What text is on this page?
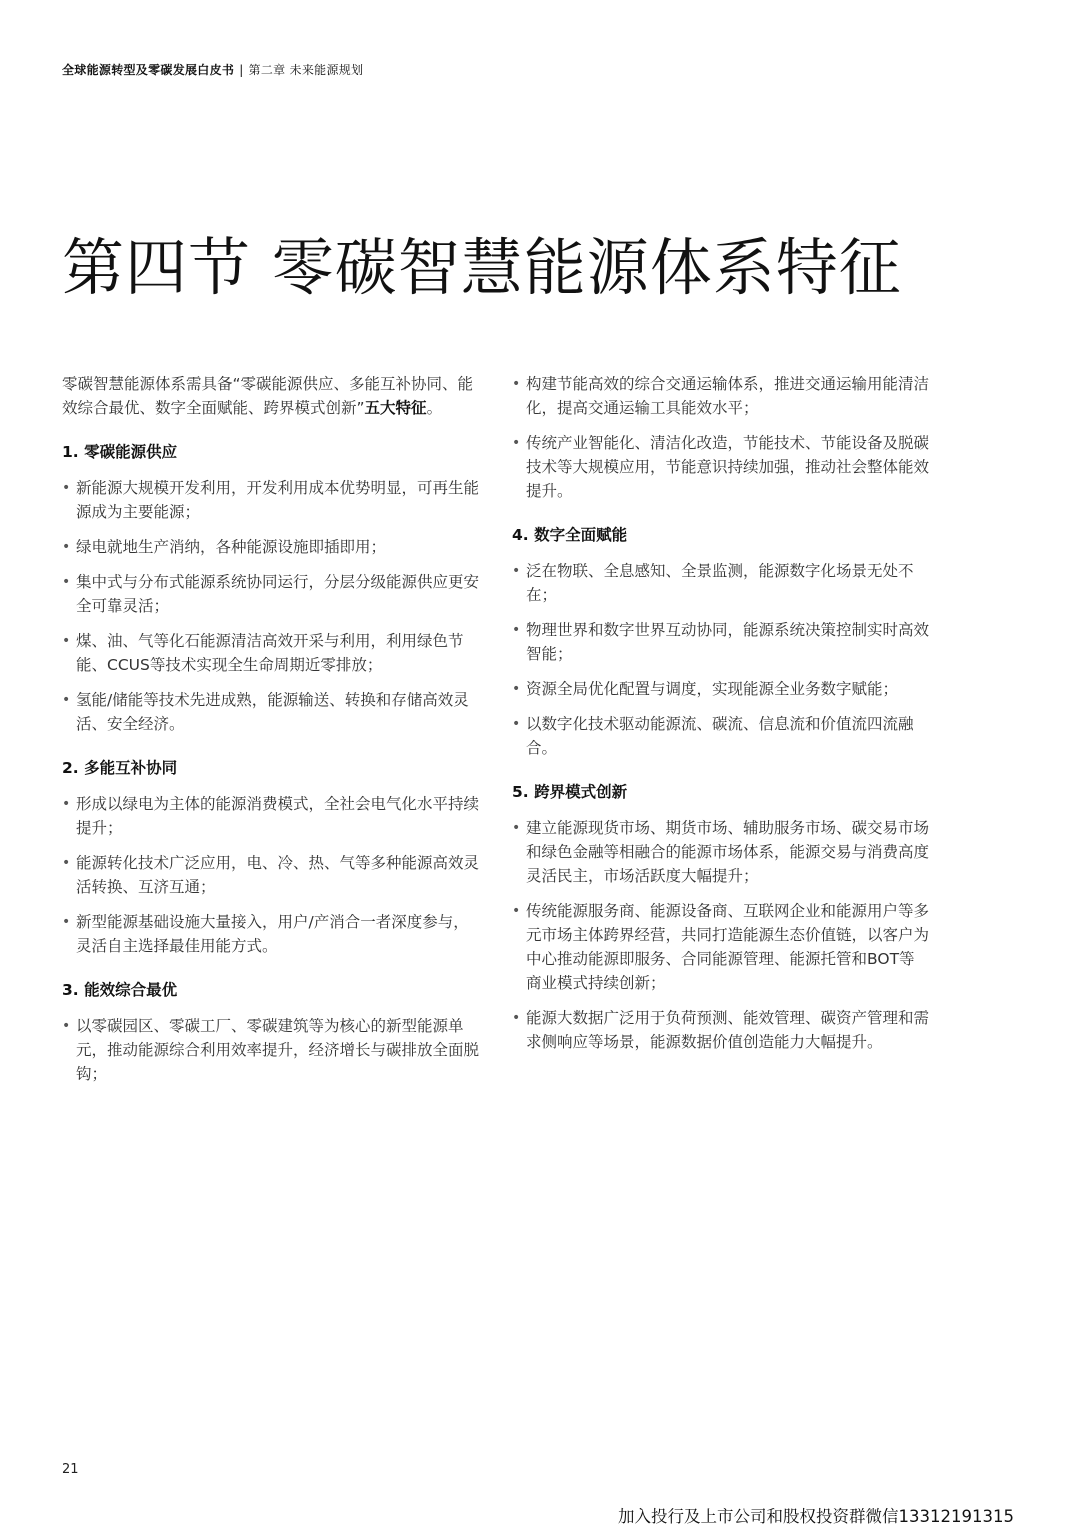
全球能源转型及零碳发展白皮书 | 第二章 未来能源规划
第四节 零碳智慧能源体系特征

零碳智慧能源体系需具备“零碳能源供应、多能互补协同、能效综合最优、数字全面赋能、跨界模式创新”五大特征。

1. 零碳能源供应
• 新能源大规模开发利用，开发利用成本优势明显，可再生能源成为主要能源；
• 绿电就地生产消纳，各种能源设施即插即用；
• 集中式与分布式能源系统协同运行，分层分级能源供应更安全可靠灵活；
• 煤、油、气等化石能源清洁高效开采与利用，利用绿色节能、CCUS等技术实现全生命周期近零排放；
• 氢能/储能等技术先进成熟，能源输送、转换和存储高效灵活、安全经济。
2. 多能互补协同
• 形成以绿电为主体的能源消费模式，全社会电气化水平持续提升；
• 能源转化技术广泛应用，电、冷、热、气等多种能源高效灵活转换、互济互通；
• 新型能源基础设施大量接入，用户/产消合一者深度参与，灵活自主选择最佳用能方式。
3. 能效综合最优
• 以零碳园区、零碳工厂、零碳建筑等为核心的新型能源单元，推动能源综合利用效率提升，经济增长与碳排放全面脱钩；
• 构建节能高效的综合交通运输体系，推进交通运输用能清洁化，提高交通运输工具能效水平；
• 传统产业智能化、清洁化改造，节能技术、节能设备及脱碳技术等大规模应用，节能意识持续加强，推动社会整体能效提升。
4. 数字全面赋能
• 泛在物联、全息感知、全景监测，能源数字化场景无处不在；
• 物理世界和数字世界互动协同，能源系统决策控制实时高效智能；
• 资源全局优化配置与调度，实现能源全业务数字赋能；
• 以数字化技术驱动能源流、碳流、信息流和价值流四流融合。
5. 跨界模式创新
• 建立能源现货市场、期货市场、辅助服务市场、碳交易市场和绿色金融等相融合的能源市场体系，能源交易与消费高度灵活民主，市场活跃度大幅提升；
• 传统能源服务商、能源设备商、互联网企业和能源用户等多元市场主体跨界经营，共同打造能源生态价值链，以客户为中心推动能源即服务、合同能源管理、能源托管和BOT等商业模式持续创新；
• 能源大数据广泛用于负荷预测、能效管理、碳资产管理和需求侧响应等场景，能源数据价值创造能力大幅提升。
21
加入投行及上市公司和股权投资群微信13312191315
